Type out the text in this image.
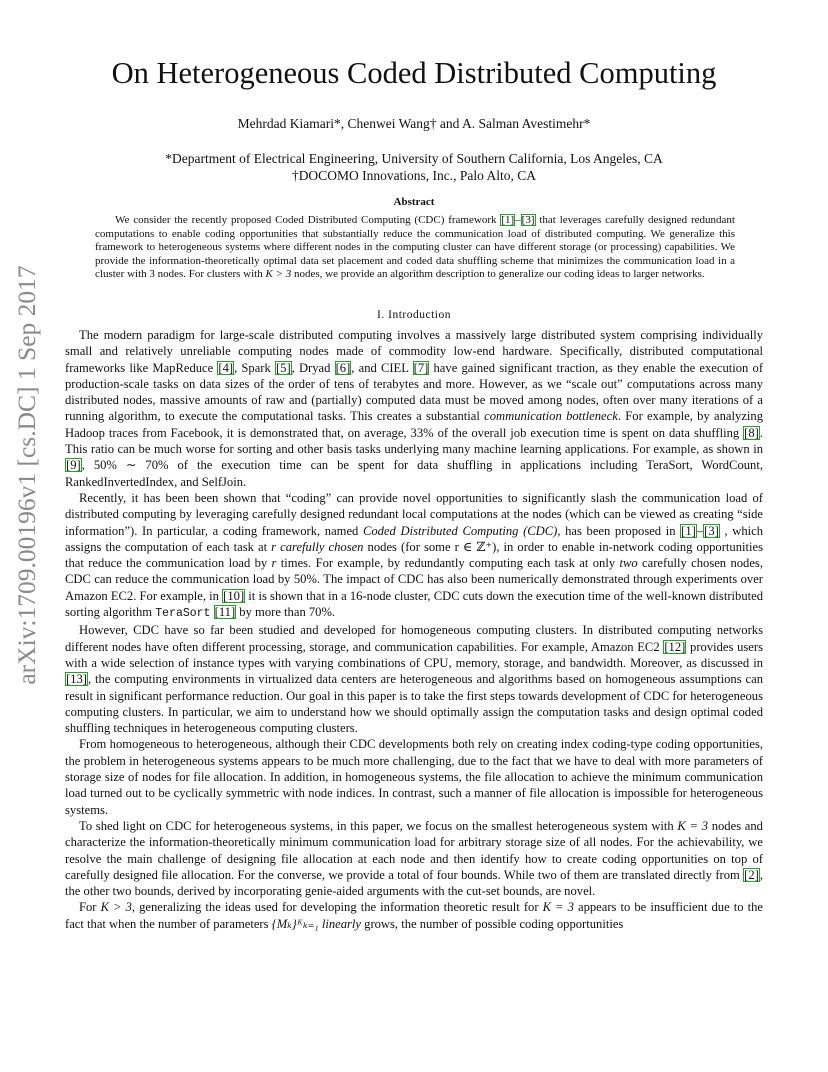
arXiv:1709.00196v1 [cs.DC] 1 Sep 2017
On Heterogeneous Coded Distributed Computing
Mehrdad Kiamari*, Chenwei Wang† and A. Salman Avestimehr*
*Department of Electrical Engineering, University of Southern California, Los Angeles, CA
†DOCOMO Innovations, Inc., Palo Alto, CA
Abstract
We consider the recently proposed Coded Distributed Computing (CDC) framework [1]–[3] that leverages carefully designed redundant computations to enable coding opportunities that substantially reduce the communication load of distributed computing. We generalize this framework to heterogeneous systems where different nodes in the computing cluster can have different storage (or processing) capabilities. We provide the information-theoretically optimal data set placement and coded data shuffling scheme that minimizes the communication load in a cluster with 3 nodes. For clusters with K > 3 nodes, we provide an algorithm description to generalize our coding ideas to larger networks.
I. Introduction

The modern paradigm for large-scale distributed computing involves a massively large distributed system comprising individually small and relatively unreliable computing nodes made of commodity low-end hardware. Specifically, distributed computational frameworks like MapReduce [4], Spark [5], Dryad [6], and CIEL [7] have gained significant traction, as they enable the execution of production-scale tasks on data sizes of the order of tens of terabytes and more. However, as we “scale out” computations across many distributed nodes, massive amounts of raw and (partially) computed data must be moved among nodes, often over many iterations of a running algorithm, to execute the computational tasks. This creates a substantial communication bottleneck. For example, by analyzing Hadoop traces from Facebook, it is demonstrated that, on average, 33% of the overall job execution time is spent on data shuffling [8]. This ratio can be much worse for sorting and other basis tasks underlying many machine learning applications. For example, as shown in [9], 50% ∼ 70% of the execution time can be spent for data shuffling in applications including TeraSort, WordCount, RankedInvertedIndex, and SelfJoin.

Recently, it has been been shown that “coding” can provide novel opportunities to significantly slash the communication load of distributed computing by leveraging carefully designed redundant local computations at the nodes (which can be viewed as creating “side information”). In particular, a coding framework, named Coded Distributed Computing (CDC), has been proposed in [1]–[3] , which assigns the computation of each task at r carefully chosen nodes (for some r ∈ ℤ⁺), in order to enable in-network coding opportunities that reduce the communication load by r times. For example, by redundantly computing each task at only two carefully chosen nodes, CDC can reduce the communication load by 50%. The impact of CDC has also been numerically demonstrated through experiments over Amazon EC2. For example, in [10] it is shown that in a 16-node cluster, CDC cuts down the execution time of the well-known distributed sorting algorithm TeraSort [11] by more than 70%.

However, CDC have so far been studied and developed for homogeneous computing clusters. In distributed computing networks different nodes have often different processing, storage, and communication capabilities. For example, Amazon EC2 [12] provides users with a wide selection of instance types with varying combinations of CPU, memory, storage, and bandwidth. Moreover, as discussed in [13], the computing environments in virtualized data centers are heterogeneous and algorithms based on homogeneous assumptions can result in significant performance reduction. Our goal in this paper is to take the first steps towards development of CDC for heterogeneous computing clusters. In particular, we aim to understand how we should optimally assign the computation tasks and design optimal coded shuffling techniques in heterogeneous computing clusters.

From homogeneous to heterogeneous, although their CDC developments both rely on creating index coding-type coding opportunities, the problem in heterogeneous systems appears to be much more challenging, due to the fact that we have to deal with more parameters of storage size of nodes for file allocation. In addition, in homogeneous systems, the file allocation to achieve the minimum communication load turned out to be cyclically symmetric with node indices. In contrast, such a manner of file allocation is impossible for heterogeneous systems.

To shed light on CDC for heterogeneous systems, in this paper, we focus on the smallest heterogeneous system with K = 3 nodes and characterize the information-theoretically minimum communication load for arbitrary storage size of all nodes. For the achievability, we resolve the main challenge of designing file allocation at each node and then identify how to create coding opportunities on top of carefully designed file allocation. For the converse, we provide a total of four bounds. While two of them are translated directly from [2], the other two bounds, derived by incorporating genie-aided arguments with the cut-set bounds, are novel.

For K > 3, generalizing the ideas used for developing the information theoretic result for K = 3 appears to be insufficient due to the fact that when the number of parameters {Mₖ}ᴷₖ₌₁ linearly grows, the number of possible coding opportunities
